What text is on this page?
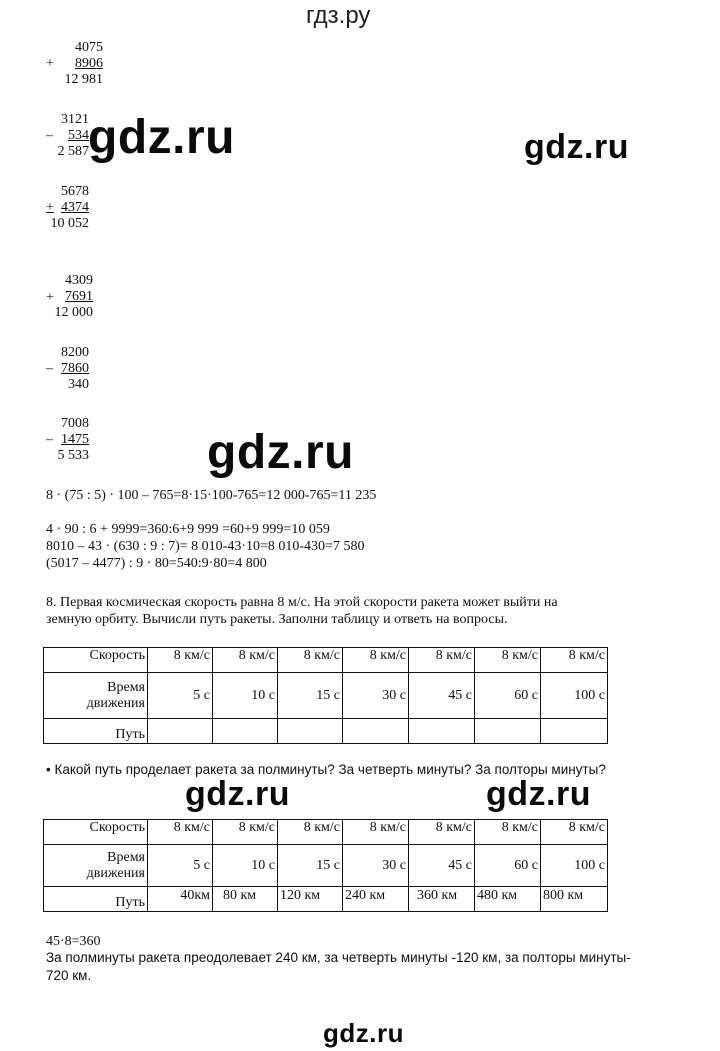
гдз.ру
gdz.ru	gdz.ru
gdz.ru
gdz.ru	gdz.ru
gdz.ru
+
4075
8906
12 981
–
3121
534
2 587
+
5678
4374
10 052
+
4309
7691
12 000
–
8200
7860
340
–
7008
1475
5 533
8 · (75 : 5) · 100 – 765=8·15·100-765=12 000-765=11 235
4 · 90 : 6 + 9999=360:6+9 999 =60+9 999=10 059
8010 – 43 · (630 : 9 : 7)= 8 010-43·10=8 010-430=7 580
(5017 – 4477) : 9 · 80=540:9·80=4 800
8. Первая космическая скорость равна 8 м/с. На этой скорости ракета может выйти на
земную орбиту. Вычисли путь ракеты. Заполни таблицу и ответь на вопросы.
Скорость	8 км/с	8 км/с	8 км/с	8 км/с	8 км/с	8 км/с	8 км/с

Время
движения	5 с	10 с	15 с	30 с	45 с	60 с	100 с
Путь							
• Какой путь проделает ракета за полминуты? За четверть минуты? За полторы минуты?
Скорость	8 км/с	8 км/с	8 км/с	8 км/с	8 км/с	8 км/с	8 км/с

Время
движения	5 с	10 с	15 с	30 с	45 с	60 с	100 с
Путь	40км	80 км	120 км	240 км	360 км	480 км	800 км
45·8=360
За полминуты ракета преодолевает 240 км, за четверть минуты -120 км, за полторы минуты-
720 км.
